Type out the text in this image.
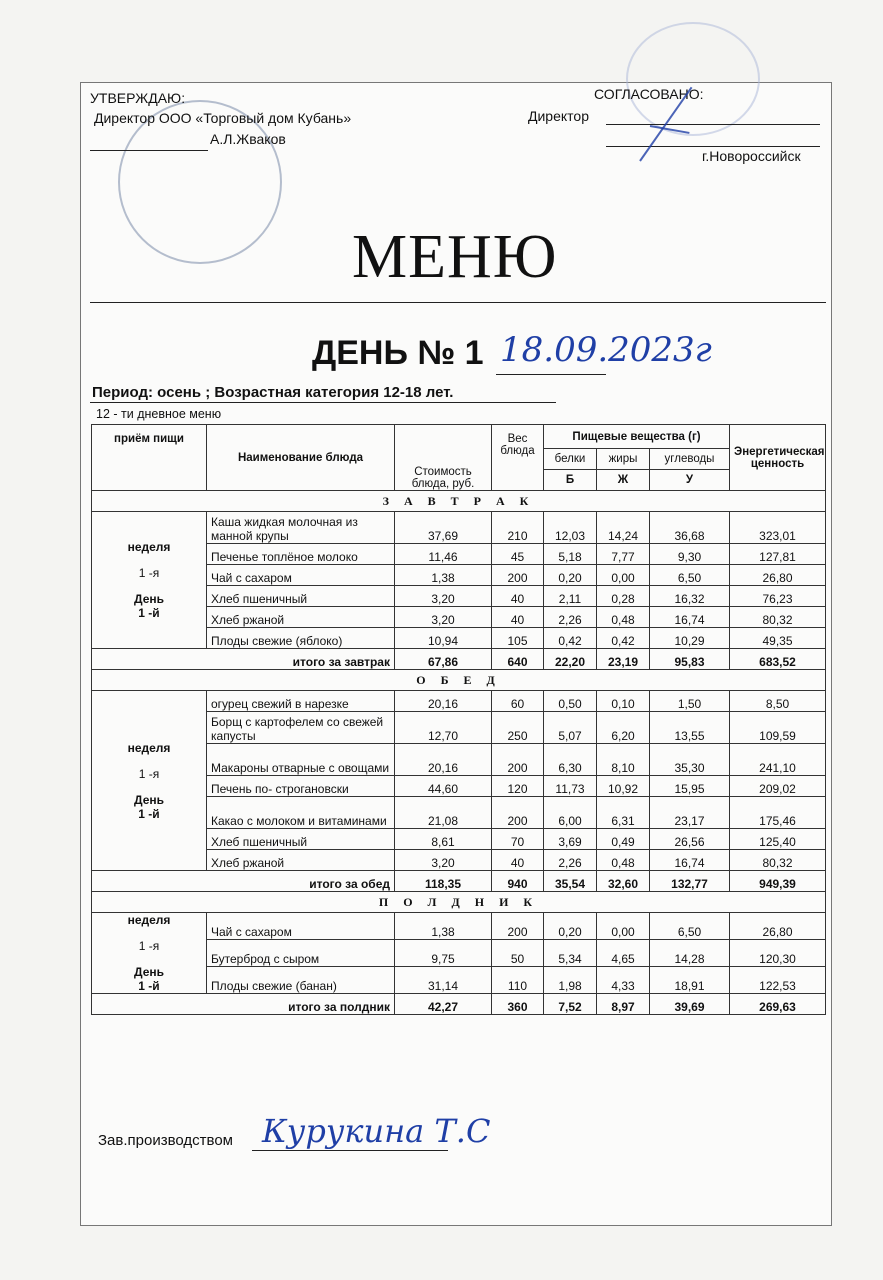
УТВЕРЖДАЮ:
Директор ООО «Торговый дом Кубань»
А.Л.Жваков
СОГЛАСОВАНО:
Директор
г.Новороссийск
МЕНЮ
ДЕНЬ № 1 18.09.2023г
Период: осень ; Возрастная категория 12-18 лет.
12 - ти дневное меню
приём пищи	Наименование блюда	Стоимость блюда, руб.	Вес блюда	Пищевые вещества (г)			Энергетическая ценность
				белки	жиры	углеводы	
				Б	Ж	У	
З А В Т Р А К							

неделя
1 -я
День
1 -й	Каша жидкая молочная из манной крупы	37,69	210	12,03	14,24	36,68	323,01
	Печенье топлёное молоко	11,46	45	5,18	7,77	9,30	127,81
	Чай с сахаром	1,38	200	0,20	0,00	6,50	26,80
	Хлеб пшеничный	3,20	40	2,11	0,28	16,32	76,23
	Хлеб ржаной	3,20	40	2,26	0,48	16,74	80,32
	Плоды свежие (яблоко)	10,94	105	0,42	0,42	10,29	49,35
итого за завтрак		67,86	640	22,20	23,19	95,83	683,52
О Б Е Д							

неделя
1 -я
День
1 -й	огурец свежий в нарезке	20,16	60	0,50	0,10	1,50	8,50
	Борщ с картофелем со свежей капусты	12,70	250	5,07	6,20	13,55	109,59
	Макароны отварные с овощами	20,16	200	6,30	8,10	35,30	241,10
	Печень по- строгановски	44,60	120	11,73	10,92	15,95	209,02
	Какао с молоком и витаминами	21,08	200	6,00	6,31	23,17	175,46
	Хлеб пшеничный	8,61	70	3,69	0,49	26,56	125,40
	Хлеб ржаной	3,20	40	2,26	0,48	16,74	80,32
итого за обед		118,35	940	35,54	32,60	132,77	949,39
П О Л Д Н И К							

неделя
1 -я
День
1 -й	Чай с сахаром	1,38	200	0,20	0,00	6,50	26,80
	Бутерброд с сыром	9,75	50	5,34	4,65	14,28	120,30
	Плоды свежие (банан)	31,14	110	1,98	4,33	18,91	122,53
итого за полдник		42,27	360	7,52	8,97	39,69	269,63
Зав.производством Курукина Т.С
